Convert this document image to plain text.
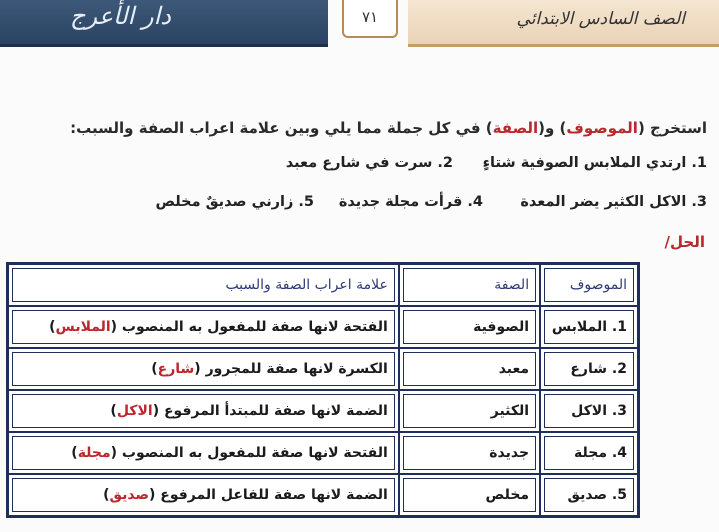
دار الأعرج	٧١	الصف السادس الابتدائي
استخرج (الموصوف) و(الصفة) في كل جملة مما يلي وبين علامة اعراب الصفة والسبب:
1. ارتدي الملابس الصوفية شتاءٍ
2. سرت في شارع معبد
3. الاكل الكثير يضر المعدة
4. قرأت مجلة جديدة
5. زارني صديقٌ مخلص
الحل/
الموصوف	الصفة	علامة اعراب الصفة والسبب

1.الملابس	الصوفية	الفتحة لانها صفة للمفعول به المنصوب (الملابس)

2.شارع	معبد	الكسرة لانها صفة للمجرور (شارع)

3.الاكل	الكثير	الضمة لانها صفة للمبتدأ المرفوع (الاكل)

4.مجلة	جديدة	الفتحة لانها صفة للمفعول به المنصوب (مجلة)

5.صديق	مخلص	الضمة لانها صفة للفاعل المرفوع (صديق)
